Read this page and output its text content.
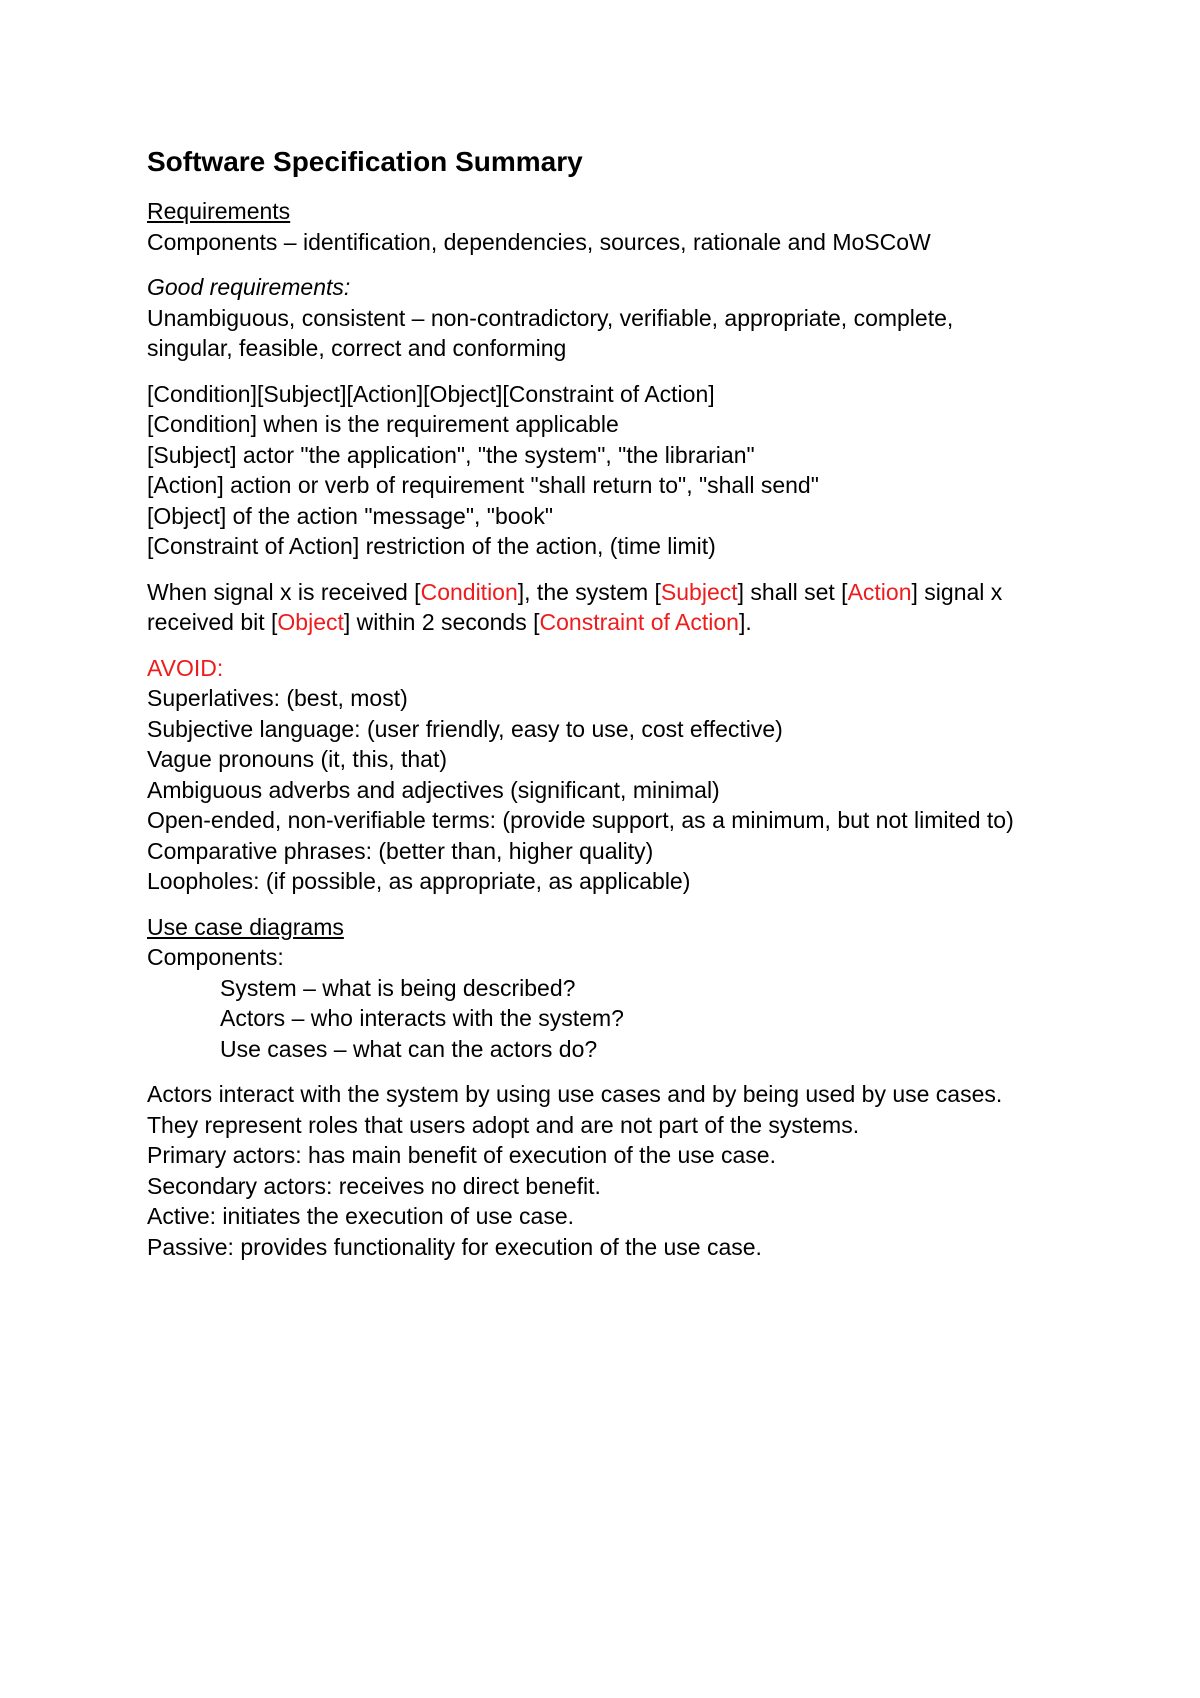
Software Specification Summary
Requirements
Components – identification, dependencies, sources, rationale and MoSCoW
Good requirements:
Unambiguous, consistent – non-contradictory, verifiable, appropriate, complete, singular, feasible, correct and conforming
[Condition][Subject][Action][Object][Constraint of Action]
[Condition] when is the requirement applicable
[Subject] actor "the application", "the system", "the librarian"
[Action] action or verb of requirement "shall return to", "shall send"
[Object] of the action "message", "book"
[Constraint of Action] restriction of the action, (time limit)
When signal x is received [Condition], the system [Subject] shall set [Action] signal x received bit [Object] within 2 seconds [Constraint of Action].
AVOID:
Superlatives: (best, most)
Subjective language: (user friendly, easy to use, cost effective)
Vague pronouns (it, this, that)
Ambiguous adverbs and adjectives (significant, minimal)
Open-ended, non-verifiable terms: (provide support, as a minimum, but not limited to)
Comparative phrases: (better than, higher quality)
Loopholes: (if possible, as appropriate, as applicable)
Use case diagrams
Components:
System – what is being described?
Actors – who interacts with the system?
Use cases – what can the actors do?
Actors interact with the system by using use cases and by being used by use cases.
They represent roles that users adopt and are not part of the systems.
Primary actors: has main benefit of execution of the use case.
Secondary actors: receives no direct benefit.
Active: initiates the execution of use case.
Passive: provides functionality for execution of the use case.
